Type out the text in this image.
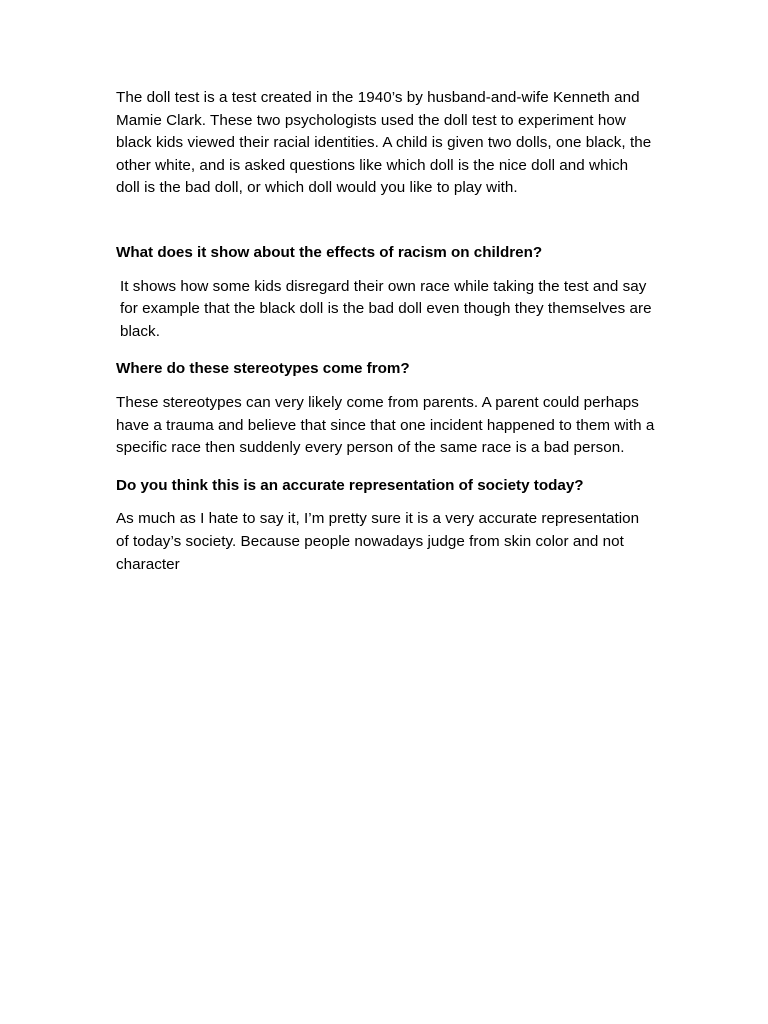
The doll test is a test created in the 1940’s by husband-and-wife Kenneth and Mamie Clark. These two psychologists used the doll test to experiment how black kids viewed their racial identities. A child is given two dolls, one black, the other white, and is asked questions like which doll is the nice doll and which doll is the bad doll, or which doll would you like to play with.

What does it show about the effects of racism on children?

It shows how some kids disregard their own race while taking the test and say for example that the black doll is the bad doll even though they themselves are black.

Where do these stereotypes come from?

These stereotypes can very likely come from parents. A parent could perhaps have a trauma and believe that since that one incident happened to them with a specific race then suddenly every person of the same race is a bad person.

Do you think this is an accurate representation of society today?

As much as I hate to say it, I’m pretty sure it is a very accurate representation of today’s society. Because people nowadays judge from skin color and not character
